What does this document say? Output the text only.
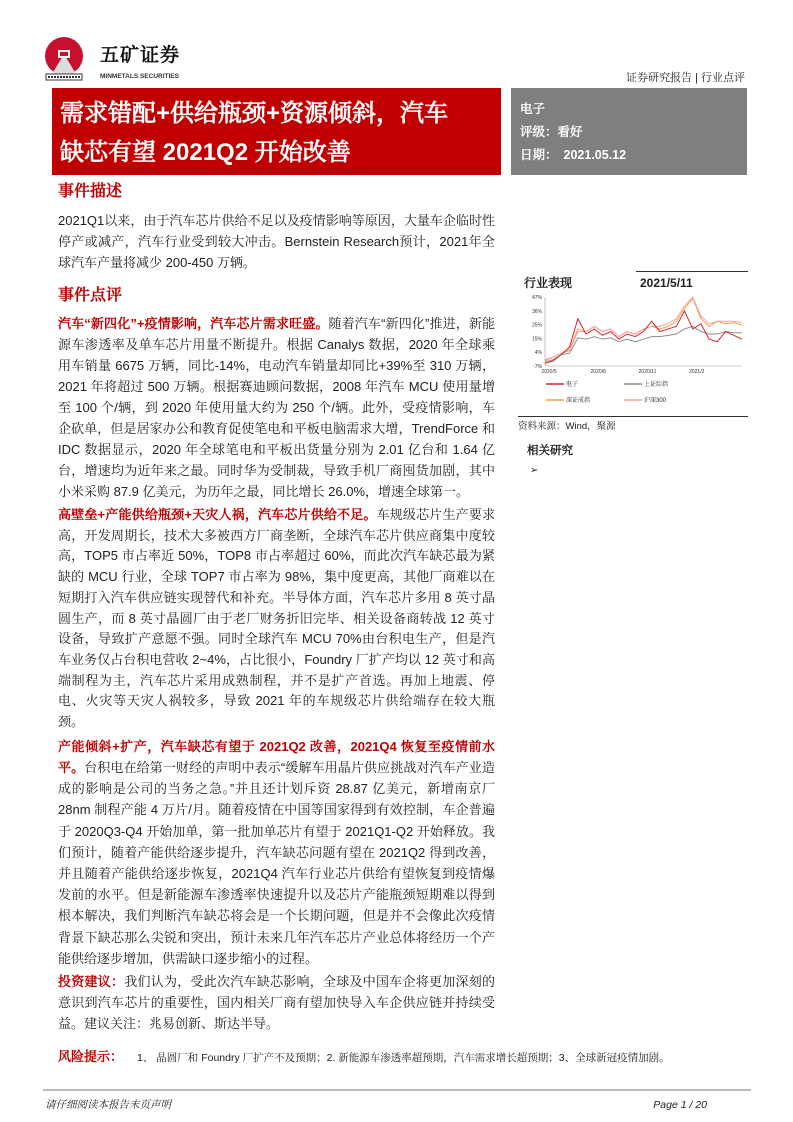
五矿证券
MINMETALS SECURITIES	证券研究报告 | 行业点评
需求错配+供给瓶颈+资源倾斜，汽车
缺芯有望 2021Q2 开始改善
电子
评级：看好
日期： 2021.05.12
事件描述
2021Q1以来，由于汽车芯片供给不足以及疫情影响等原因，大量车企临时性停产或减产，汽车行业受到较大冲击。Bernstein Research预计，2021年全球汽车产量将减少 200-450 万辆。
事件点评
汽车“新四化”+疫情影响，汽车芯片需求旺盛。随着汽车“新四化”推进，新能源车渗透率及单车芯片用量不断提升。根据 Canalys 数据，2020 年全球乘用车销量 6675 万辆，同比-14%，电动汽车销量却同比+39%至 310 万辆，2021 年将超过 500 万辆。根据赛迪顾问数据，2008 年汽车 MCU 使用量增至 100 个/辆，到 2020 年使用量大约为 250 个/辆。此外，受疫情影响，车企砍单，但是居家办公和教育促使笔电和平板电脑需求大增，TrendForce 和 IDC 数据显示，2020 年全球笔电和平板出货量分别为 2.01 亿台和 1.64 亿台，增速均为近年来之最。同时华为受制裁，导致手机厂商囤货加剧，其中小米采购 87.9 亿美元，为历年之最，同比增长 26.0%，增速全球第一。
高壁垒+产能供给瓶颈+天灾人祸，汽车芯片供给不足。车规级芯片生产要求高，开发周期长，技术大多被西方厂商垄断，全球汽车芯片供应商集中度较高，TOP5 市占率近 50%，TOP8 市占率超过 60%，而此次汽车缺芯最为紧缺的 MCU 行业，全球 TOP7 市占率为 98%，集中度更高，其他厂商难以在短期打入汽车供应链实现替代和补充。半导体方面，汽车芯片多用 8 英寸晶圆生产，而 8 英寸晶圆厂由于老厂财务折旧完毕、相关设备商转战 12 英寸设备，导致扩产意愿不强。同时全球汽车 MCU 70%由台积电生产，但是汽车业务仅占台积电营收 2~4%，占比很小，Foundry 厂扩产均以 12 英寸和高端制程为主，汽车芯片采用成熟制程，并不是扩产首选。再加上地震、停电、火灾等天灾人祸较多，导致 2021 年的车规级芯片供给端存在较大瓶颈。
产能倾斜+扩产，汽车缺芯有望于 2021Q2 改善，2021Q4 恢复至疫情前水平。台积电在给第一财经的声明中表示“缓解车用晶片供应挑战对汽车产业造成的影响是公司的当务之急。”并且还计划斥资 28.87 亿美元，新增南京厂 28nm 制程产能 4 万片/月。随着疫情在中国等国家得到有效控制，车企普遍于 2020Q3-Q4 开始加单，第一批加单芯片有望于 2021Q1-Q2 开始释放。我们预计，随着产能供给逐步提升，汽车缺芯问题有望在 2021Q2 得到改善，并且随着产能供给逐步恢复，2021Q4 汽车行业芯片供给有望恢复到疫情爆发前的水平。但是新能源车渗透率快速提升以及芯片产能瓶颈短期难以得到根本解决，我们判断汽车缺芯将会是一个长期问题，但是并不会像此次疫情背景下缺芯那么尖锐和突出，预计未来几年汽车芯片产业总体将经历一个产能供给逐步增加，供需缺口逐步缩小的过程。
投资建议：我们认为，受此次汽车缺芯影响，全球及中国车企将更加深刻的意识到汽车芯片的重要性，国内相关厂商有望加快导入车企供应链并持续受益。建议关注：兆易创新、斯达半导。
风险提示： 1、 晶圆厂和 Foundry 厂扩产不及预期；2. 新能源车渗透率超预期，汽车需求增长超预期；3、全球新冠疫情加剧。
请仔细阅读本报告末页声明	Page 1 / 20
行业表现	2021/5/11
47%
36%
25%
15%
4%
-7%
2020/5	2020/8	2020/11	2021/2
电子	上证综指
深证成指	沪深300
资料来源：Wind，聚源
相关研究
➢
